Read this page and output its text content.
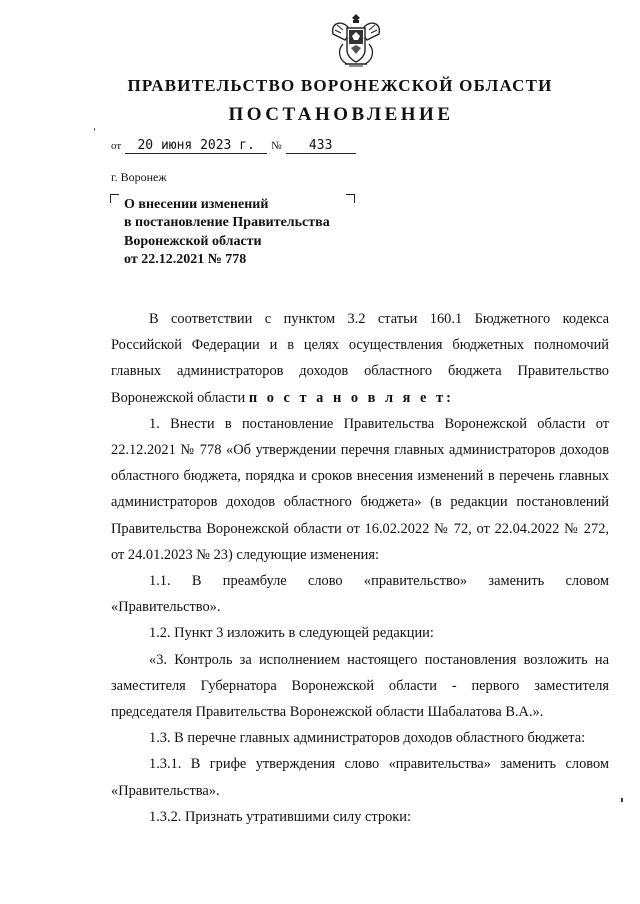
ПРАВИТЕЛЬСТВО ВОРОНЕЖСКОЙ ОБЛАСТИ
ПОСТАНОВЛЕНИЕ
от 20 июня 2023 г. № 433
г. Воронеж
О внесении изменений
в постановление Правительства
Воронежской области
от 22.12.2021 № 778

В соответствии с пунктом 3.2 статьи 160.1 Бюджетного кодекса Российской Федерации и в целях осуществления бюджетных полномочий главных администраторов доходов областного бюджета Правительство Воронежской области п о с т а н о в л я е т:

1. Внести в постановление Правительства Воронежской области от 22.12.2021 № 778 «Об утверждении перечня главных администраторов доходов областного бюджета, порядка и сроков внесения изменений в перечень главных администраторов доходов областного бюджета» (в редакции постановлений Правительства Воронежской области от 16.02.2022 № 72, от 22.04.2022 № 272, от 24.01.2023 № 23) следующие изменения:

1.1. В преамбуле слово «правительство» заменить словом «Правительство».

1.2. Пункт 3 изложить в следующей редакции:

«3. Контроль за исполнением настоящего постановления возложить на заместителя Губернатора Воронежской области - первого заместителя председателя Правительства Воронежской области Шабалатова В.А.».

1.3. В перечне главных администраторов доходов областного бюджета:

1.3.1. В грифе утверждения слово «правительства» заменить словом «Правительства».

1.3.2. Признать утратившими силу строки:
